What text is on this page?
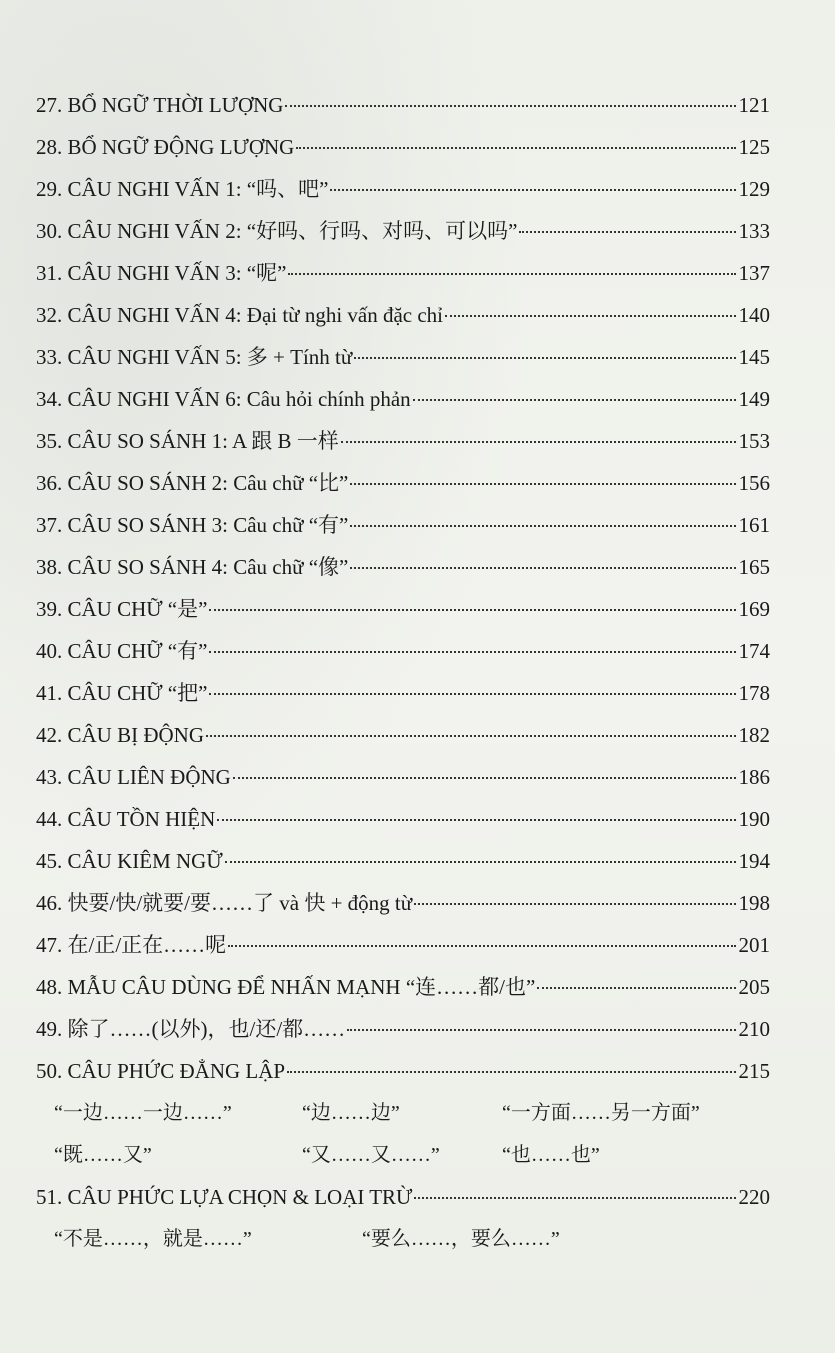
27. BỔ NGỮ THỜI LƯỢNG	121
28. BỔ NGỮ ĐỘNG LƯỢNG	125
29. CÂU NGHI VẤN 1: “吗、吧”	129
30. CÂU NGHI VẤN 2: “好吗、行吗、对吗、可以吗”	133
31. CÂU NGHI VẤN 3: “呢”	137
32. CÂU NGHI VẤN 4: Đại từ nghi vấn đặc chỉ	140
33. CÂU NGHI VẤN 5: 多 + Tính từ	145
34. CÂU NGHI VẤN 6: Câu hỏi chính phản	149
35. CÂU SO SÁNH 1: A 跟 B 一样	153
36. CÂU SO SÁNH 2: Câu chữ “比”	156
37. CÂU SO SÁNH 3: Câu chữ “有”	161
38. CÂU SO SÁNH 4: Câu chữ “像”	165
39. CÂU CHỮ “是”	169
40. CÂU CHỮ “有”	174
41. CÂU CHỮ “把”	178
42. CÂU BỊ ĐỘNG	182
43. CÂU LIÊN ĐỘNG	186
44. CÂU TỒN HIỆN	190
45. CÂU KIÊM NGỮ	194
46. 快要/快/就要/要……了 và 快 + động từ	198
47. 在/正/正在……呢	201
48. MẪU CÂU DÙNG ĐỂ NHẤN MẠNH “连……都/也”	205
49. 除了……(以外)，也/还/都……	210
50. CÂU PHỨC ĐẲNG LẬP	215
“一边……一边……”	“边……边”	“一方面……另一方面”
“既……又”	“又……又……”	“也……也”
51. CÂU PHỨC LỰA CHỌN & LOẠI TRỪ	220
“不是……，就是……”	“要么……，要么……”
